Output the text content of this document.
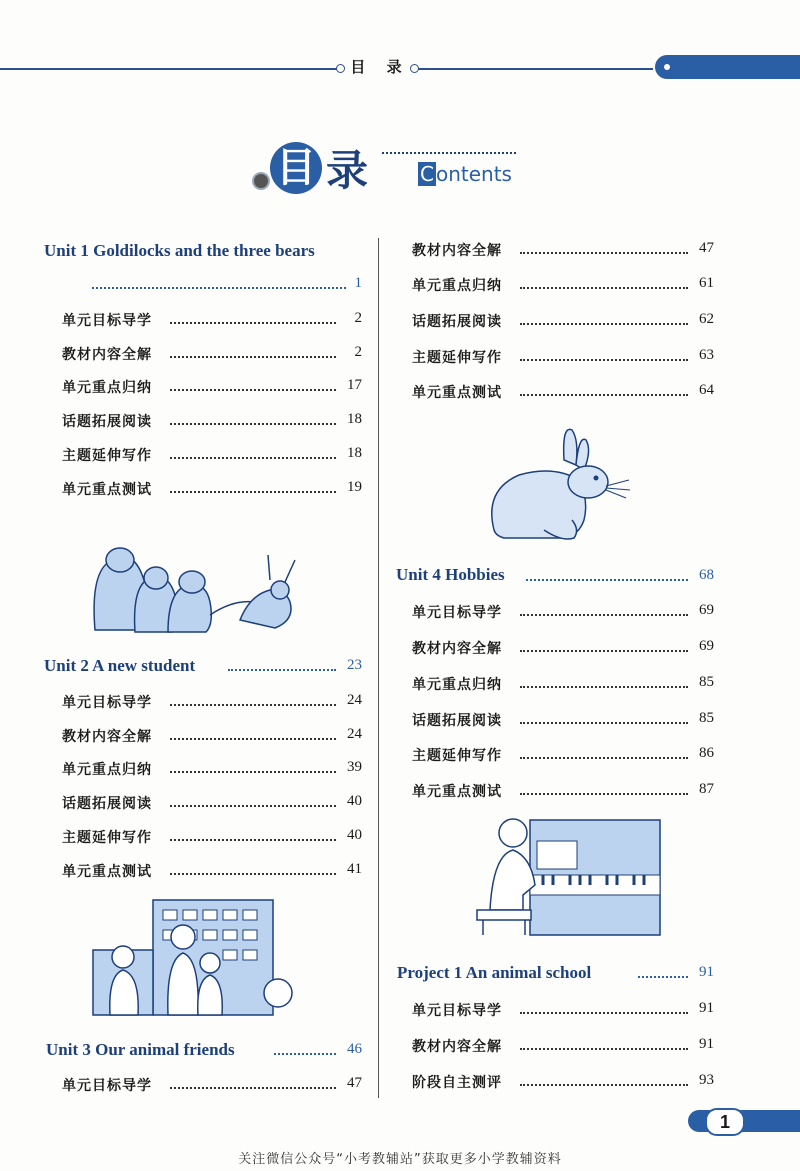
目 录
目 录	C ontents
Unit 1 Goldilocks and the three bears
1
单元目标导学	2
教材内容全解	2
单元重点归纳	17
话题拓展阅读	18
主题延伸写作	18
单元重点测试	19
Unit 2 A new student	23
单元目标导学	24
教材内容全解	24
单元重点归纳	39
话题拓展阅读	40
主题延伸写作	40
单元重点测试	41
Unit 3 Our animal friends	46
单元目标导学	47
教材内容全解	47
单元重点归纳	61
话题拓展阅读	62
主题延伸写作	63
单元重点测试	64
Unit 4 Hobbies	68
单元目标导学	69
教材内容全解	69
单元重点归纳	85
话题拓展阅读	85
主题延伸写作	86
单元重点测试	87
Project 1 An animal school	91
单元目标导学	91
教材内容全解	91
阶段自主测评	93
1
关注微信公众号“小考教辅站”获取更多小学教辅资料
